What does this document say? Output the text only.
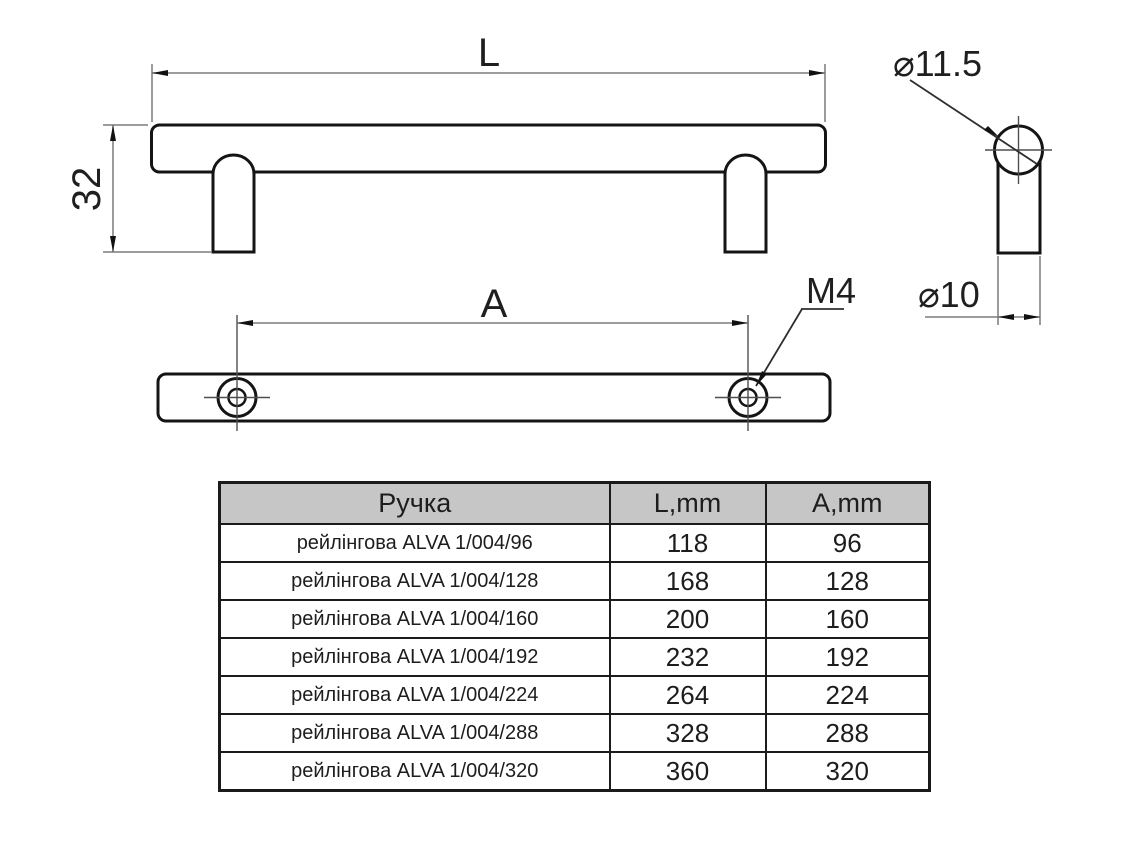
L
32
⌀11.5
⌀10
A	M4
Ручка	L,mm	A,mm
рейлінгова ALVA 1/004/96	118	96
рейлінгова ALVA 1/004/128	168	128
рейлінгова ALVA 1/004/160	200	160
рейлінгова ALVA 1/004/192	232	192
рейлінгова ALVA 1/004/224	264	224
рейлінгова ALVA 1/004/288	328	288
рейлінгова ALVA 1/004/320	360	320
